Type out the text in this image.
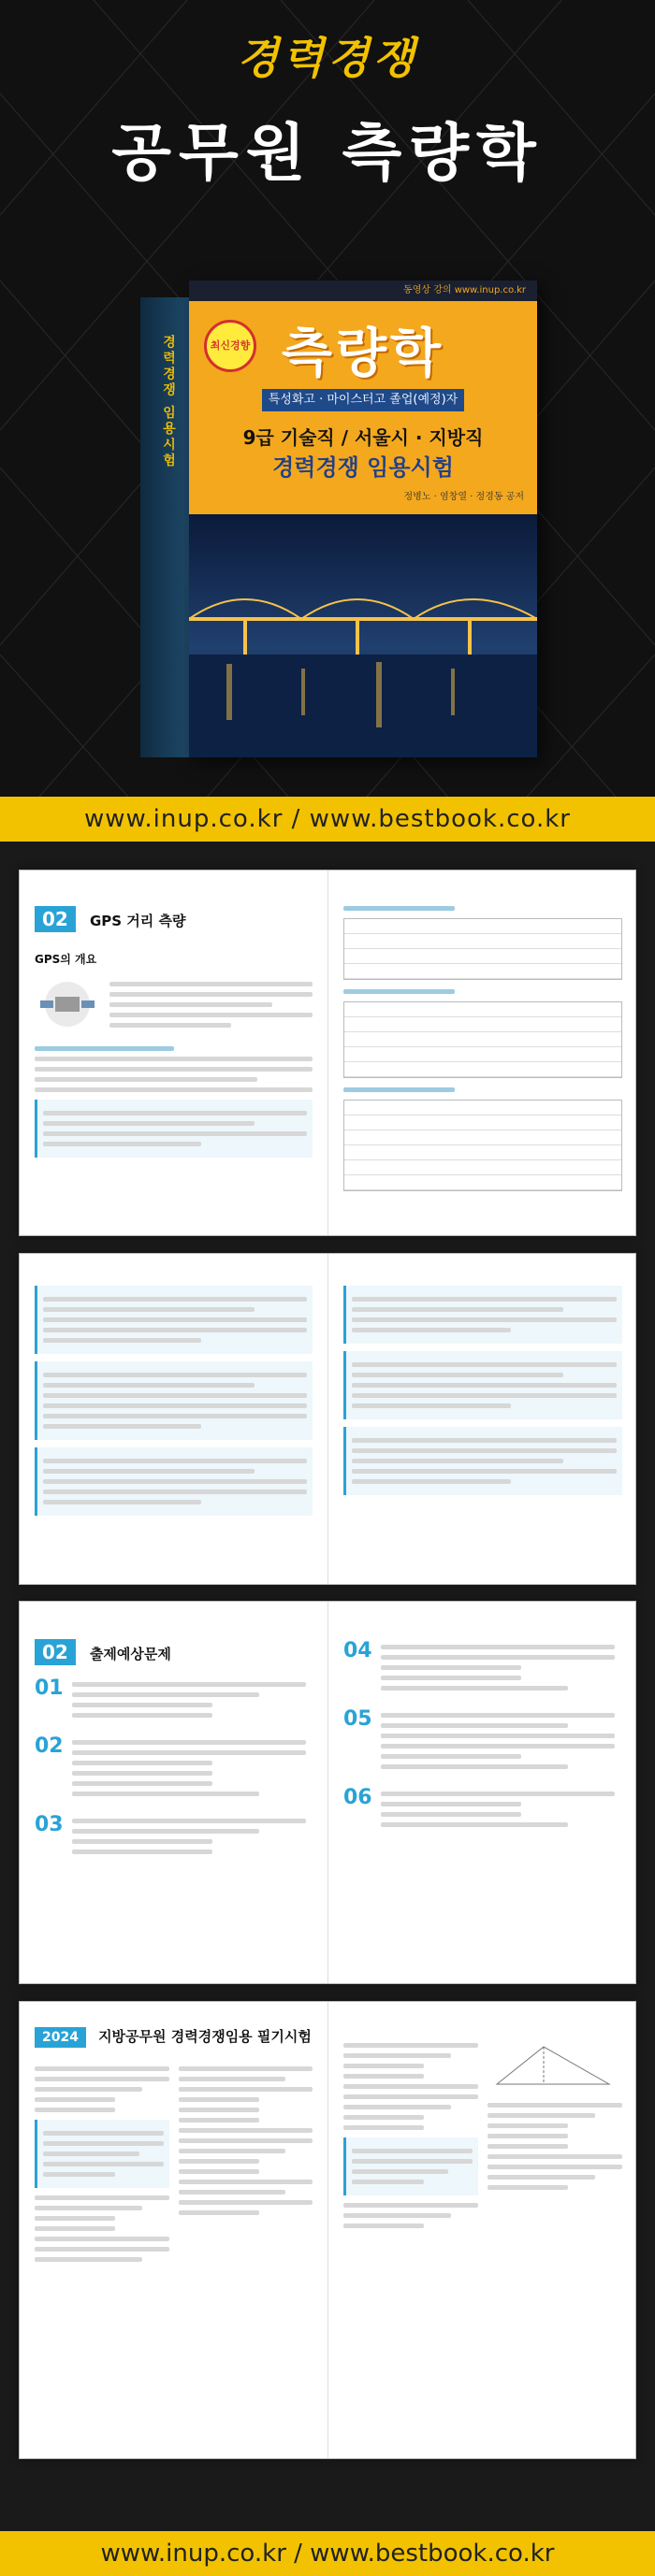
경력경쟁
공무원 측량학
경력경쟁 임용시험
동영상 강의 www.inup.co.kr
최신경향 측량학
특성화고 · 마이스터고 졸업(예정)자
9급 기술직 / 서울시 · 지방직
경력경쟁 임용시험
정병노 · 염창열 · 정경동 공저
www.inup.co.kr / www.bestbook.co.kr
02 GPS 거리 측량
GPS의 개요
02 출제예상문제
01
02
03
04
05
06
2024 지방공무원 경력경쟁임용 필기시험
www.inup.co.kr / www.bestbook.co.kr
